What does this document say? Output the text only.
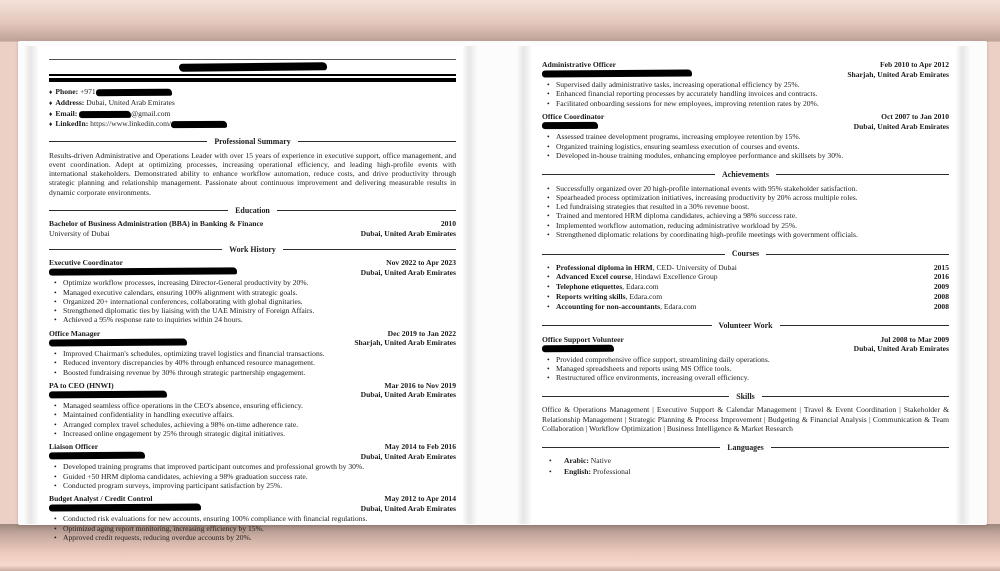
♦ Phone: +971
♦ Address: Dubai, United Arab Emirates
♦ Email:	@gmail.com
♦ LinkedIn: https://www.linkedin.com/
Professional Summary

Results-driven Administrative and Operations Leader with over 15 years of experience in executive support, office management, and event coordination. Adept at optimizing processes, increasing operational efficiency, and leading high-profile events with international stakeholders. Demonstrated ability to enhance workflow automation, reduce costs, and drive productivity through strategic planning and relationship management. Passionate about continuous improvement and delivering measurable results in dynamic corporate environments.

Education
Bachelor of Business Administration (BBA) in Banking & Finance	2010
University of Dubai	Dubai, United Arab Emirates
Work History
Executive Coordinator	Nov 2022 to Apr 2023
Dubai, United Arab Emirates
• Optimize workflow processes, increasing Director-General productivity by 20%.
• Managed executive calendars, ensuring 100% alignment with strategic goals.
• Organized 20+ international conferences, collaborating with global dignitaries.
• Strengthened diplomatic ties by liaising with the UAE Ministry of Foreign Affairs.
• Achieved a 95% response rate to inquiries within 24 hours.
Office Manager	Dec 2019 to Jan 2022
Sharjah, United Arab Emirates
• Improved Chairman's schedules, optimizing travel logistics and financial transactions.
• Reduced inventory discrepancies by 40% through enhanced resource management.
• Boosted fundraising revenue by 30% through strategic partnership engagement.
PA to CEO (HNWI)	Mar 2016 to Nov 2019
Dubai, United Arab Emirates
• Managed seamless office operations in the CEO's absence, ensuring efficiency.
• Maintained confidentiality in handling executive affairs.
• Arranged complex travel schedules, achieving a 98% on-time adherence rate.
• Increased online engagement by 25% through strategic digital initiatives.
Liaison Officer	May 2014 to Feb 2016
Dubai, United Arab Emirates
• Developed training programs that improved participant outcomes and professional growth by 30%.
• Guided +50 HRM diploma candidates, achieving a 98% graduation success rate.
• Conducted program surveys, improving participant satisfaction by 25%.
Budget Analyst / Credit Control	May 2012 to Apr 2014
Dubai, United Arab Emirates
• Conducted risk evaluations for new accounts, ensuring 100% compliance with financial regulations.
• Optimized aging report monitoring, increasing efficiency by 15%.
• Approved credit requests, reducing overdue accounts by 20%.
Administrative Officer	Feb 2010 to Apr 2012
Sharjah, United Arab Emirates
• Supervised daily administrative tasks, increasing operational efficiency by 25%.
• Enhanced financial reporting processes by accurately handling invoices and contracts.
• Facilitated onboarding sessions for new employees, improving retention rates by 20%.
Office Coordinator	Oct 2007 to Jan 2010
Dubai, United Arab Emirates
• Assessed trainee development programs, increasing employee retention by 15%.
• Organized training logistics, ensuring seamless execution of courses and events.
• Developed in-house training modules, enhancing employee performance and skillsets by 30%.
Achievements
• Successfully organized over 20 high-profile international events with 95% stakeholder satisfaction.
• Spearheaded process optimization initiatives, increasing productivity by 20% across multiple roles.
• Led fundraising strategies that resulted in a 30% revenue boost.
• Trained and mentored HRM diploma candidates, achieving a 98% success rate.
• Implemented workflow automation, reducing administrative workload by 25%.
• Strengthened diplomatic relations by coordinating high-profile meetings with government officials.
Courses
• Professional diploma in HRM, CED- University of Dubai	2015
• Advanced Excel course, Hindawi Excellence Group	2016
• Telephone etiquettes, Edara.com	2009
• Reports writing skills, Edara.com	2008
• Accounting for non-accountants, Edara.com	2008
Volunteer Work
Office Support Volunteer	Jul 2008 to Mar 2009
Dubai, United Arab Emirates
• Provided comprehensive office support, streamlining daily operations.
• Managed spreadsheets and reports using MS Office tools.
• Restructured office environments, increasing overall efficiency.
Skills

Office & Operations Management | Executive Support & Calendar Management | Travel & Event Coordination | Stakeholder & Relationship Management | Strategic Planning & Process Improvement | Budgeting & Financial Analysis | Communication & Team Collaboration | Workflow Optimization | Business Intelligence & Market Research

Languages
• Arabic: Native
• English: Professional
